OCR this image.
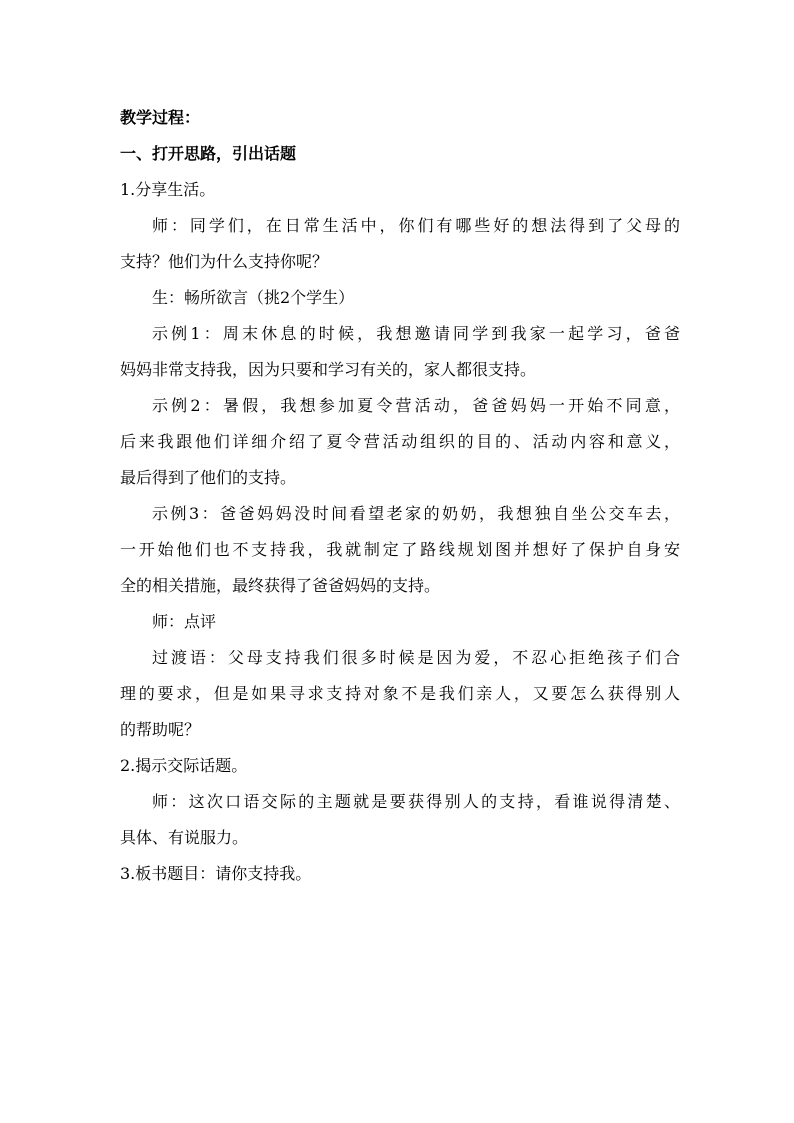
教学过程：

一、打开思路，引出话题

1.分享生活。

师：同学们，在日常生活中，你们有哪些好的想法得到了父母的
支持？他们为什么支持你呢？

生：畅所欲言（挑2个学生）

示例1：周末休息的时候，我想邀请同学到我家一起学习，爸爸
妈妈非常支持我，因为只要和学习有关的，家人都很支持。

示例2：暑假，我想参加夏令营活动，爸爸妈妈一开始不同意，
后来我跟他们详细介绍了夏令营活动组织的目的、活动内容和意义，
最后得到了他们的支持。

示例3：爸爸妈妈没时间看望老家的奶奶，我想独自坐公交车去，
一开始他们也不支持我，我就制定了路线规划图并想好了保护自身安
全的相关措施，最终获得了爸爸妈妈的支持。

师：点评

过渡语：父母支持我们很多时候是因为爱，不忍心拒绝孩子们合
理的要求，但是如果寻求支持对象不是我们亲人，又要怎么获得别人
的帮助呢？

2.揭示交际话题。

师：这次口语交际的主题就是要获得别人的支持，看谁说得清楚、
具体、有说服力。

3.板书题目：请你支持我。
